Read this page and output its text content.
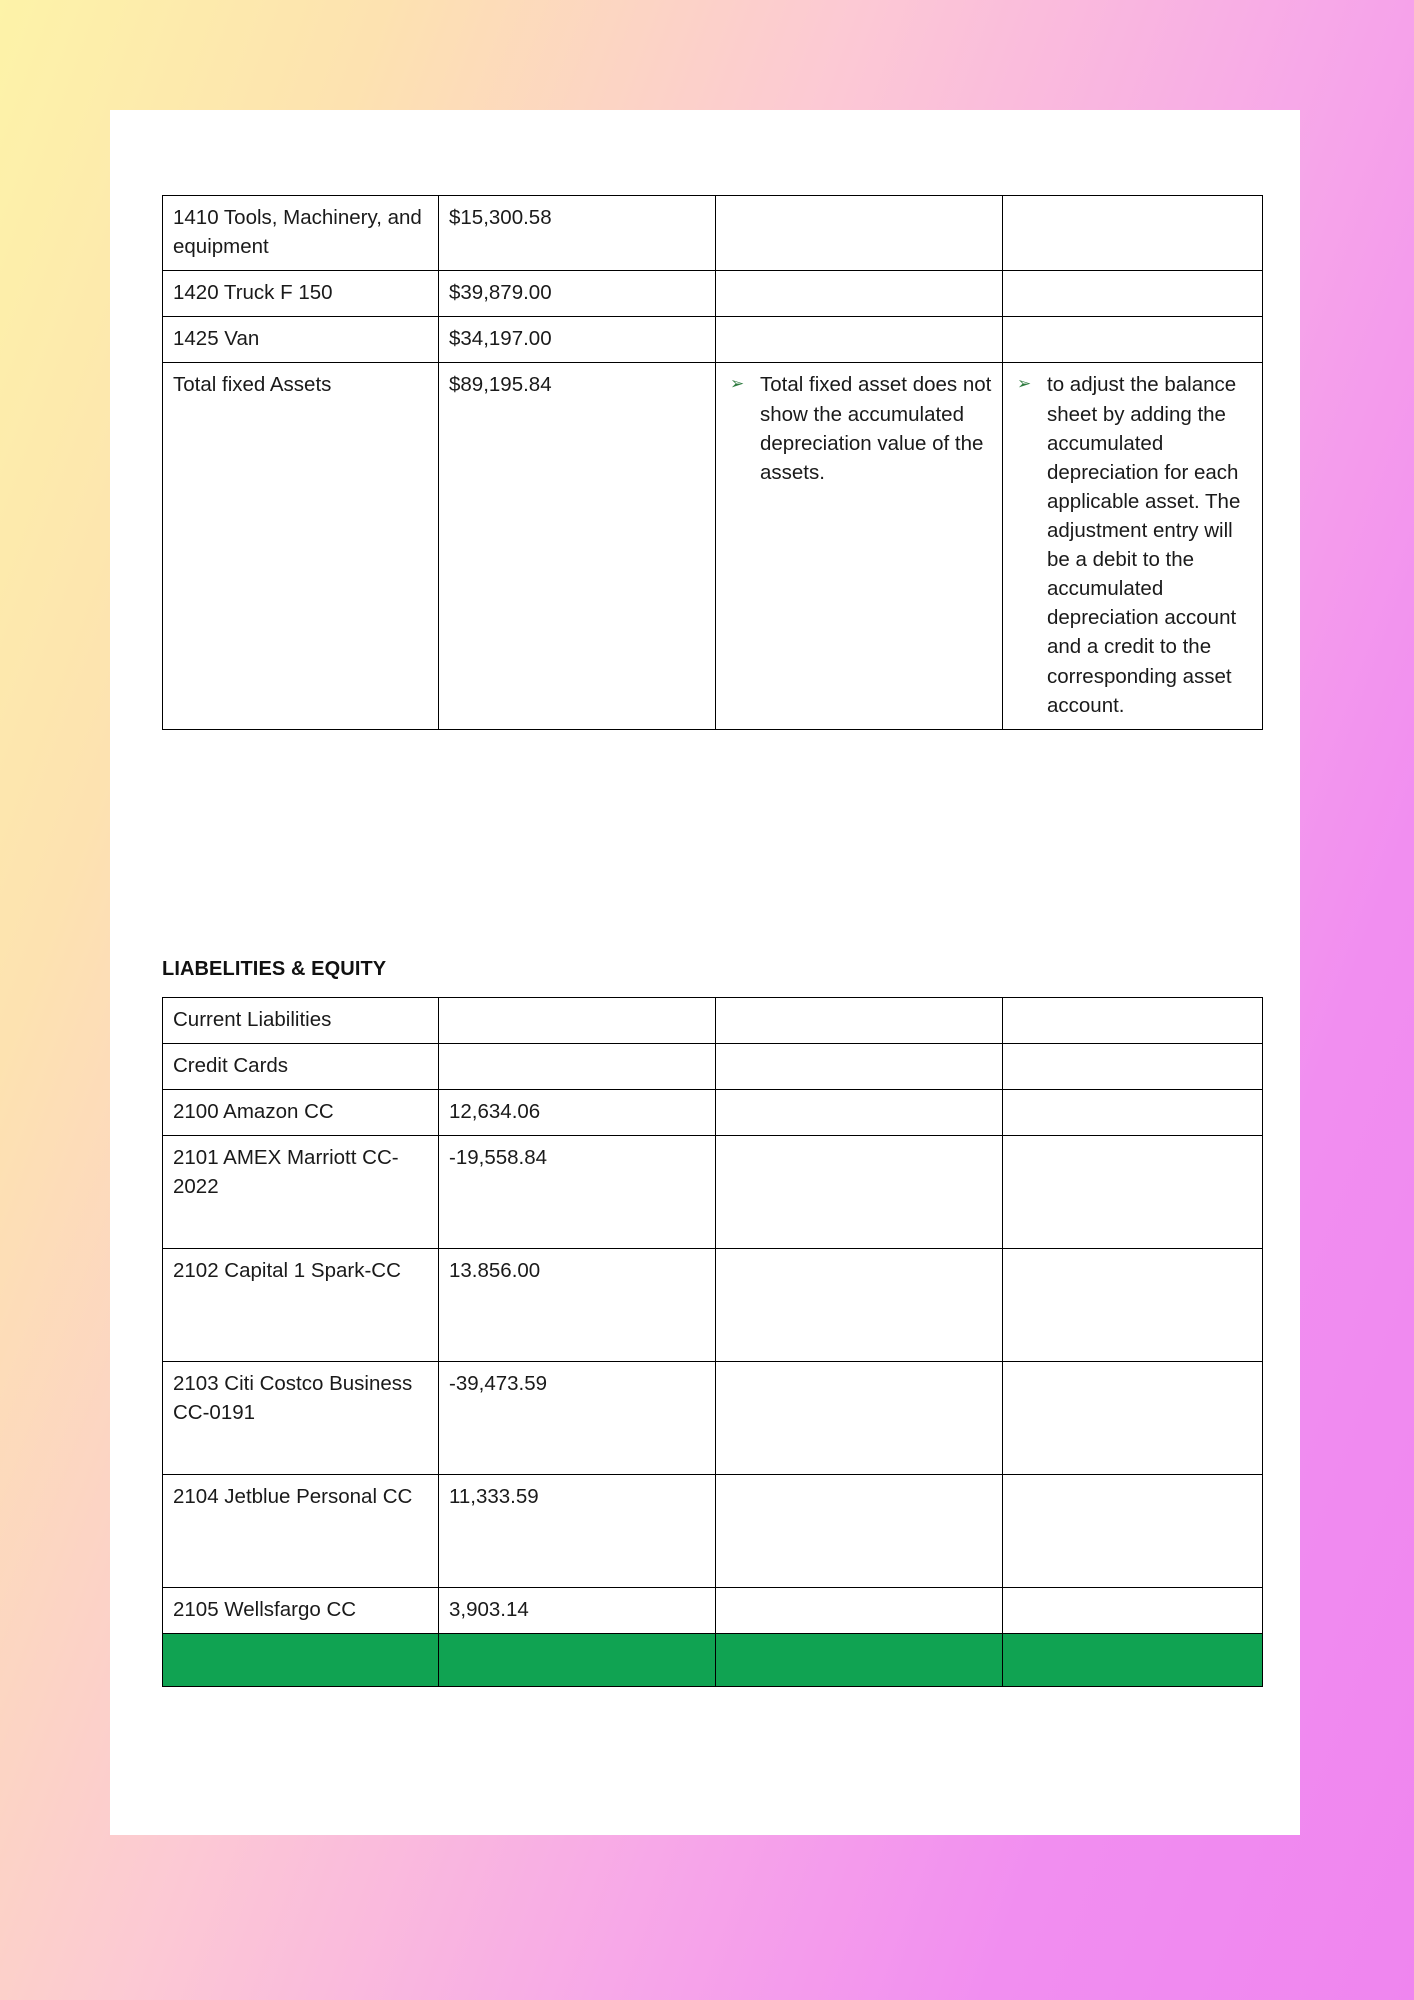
1410 Tools, Machinery, and equipment	$15,300.58		
1420 Truck F 150	$39,879.00		
1425 Van	$34,197.00		
Total fixed Assets	$89,195.84	➢ Total fixed asset does not show the accumulated depreciation value of the assets.	➢ to adjust the balance sheet by adding the accumulated depreciation for each applicable asset. The adjustment entry will be a debit to the accumulated depreciation account and a credit to the corresponding asset account.
LIABELITIES & EQUITY
Current Liabilities			
Credit Cards			
2100 Amazon CC	12,634.06		
2101 AMEX Marriott CC-2022	-19,558.84		
2102 Capital 1 Spark-CC	13.856.00		
2103 Citi Costco Business CC-0191	-39,473.59		
2104 Jetblue Personal CC	11,333.59		
2105 Wellsfargo CC	3,903.14		
